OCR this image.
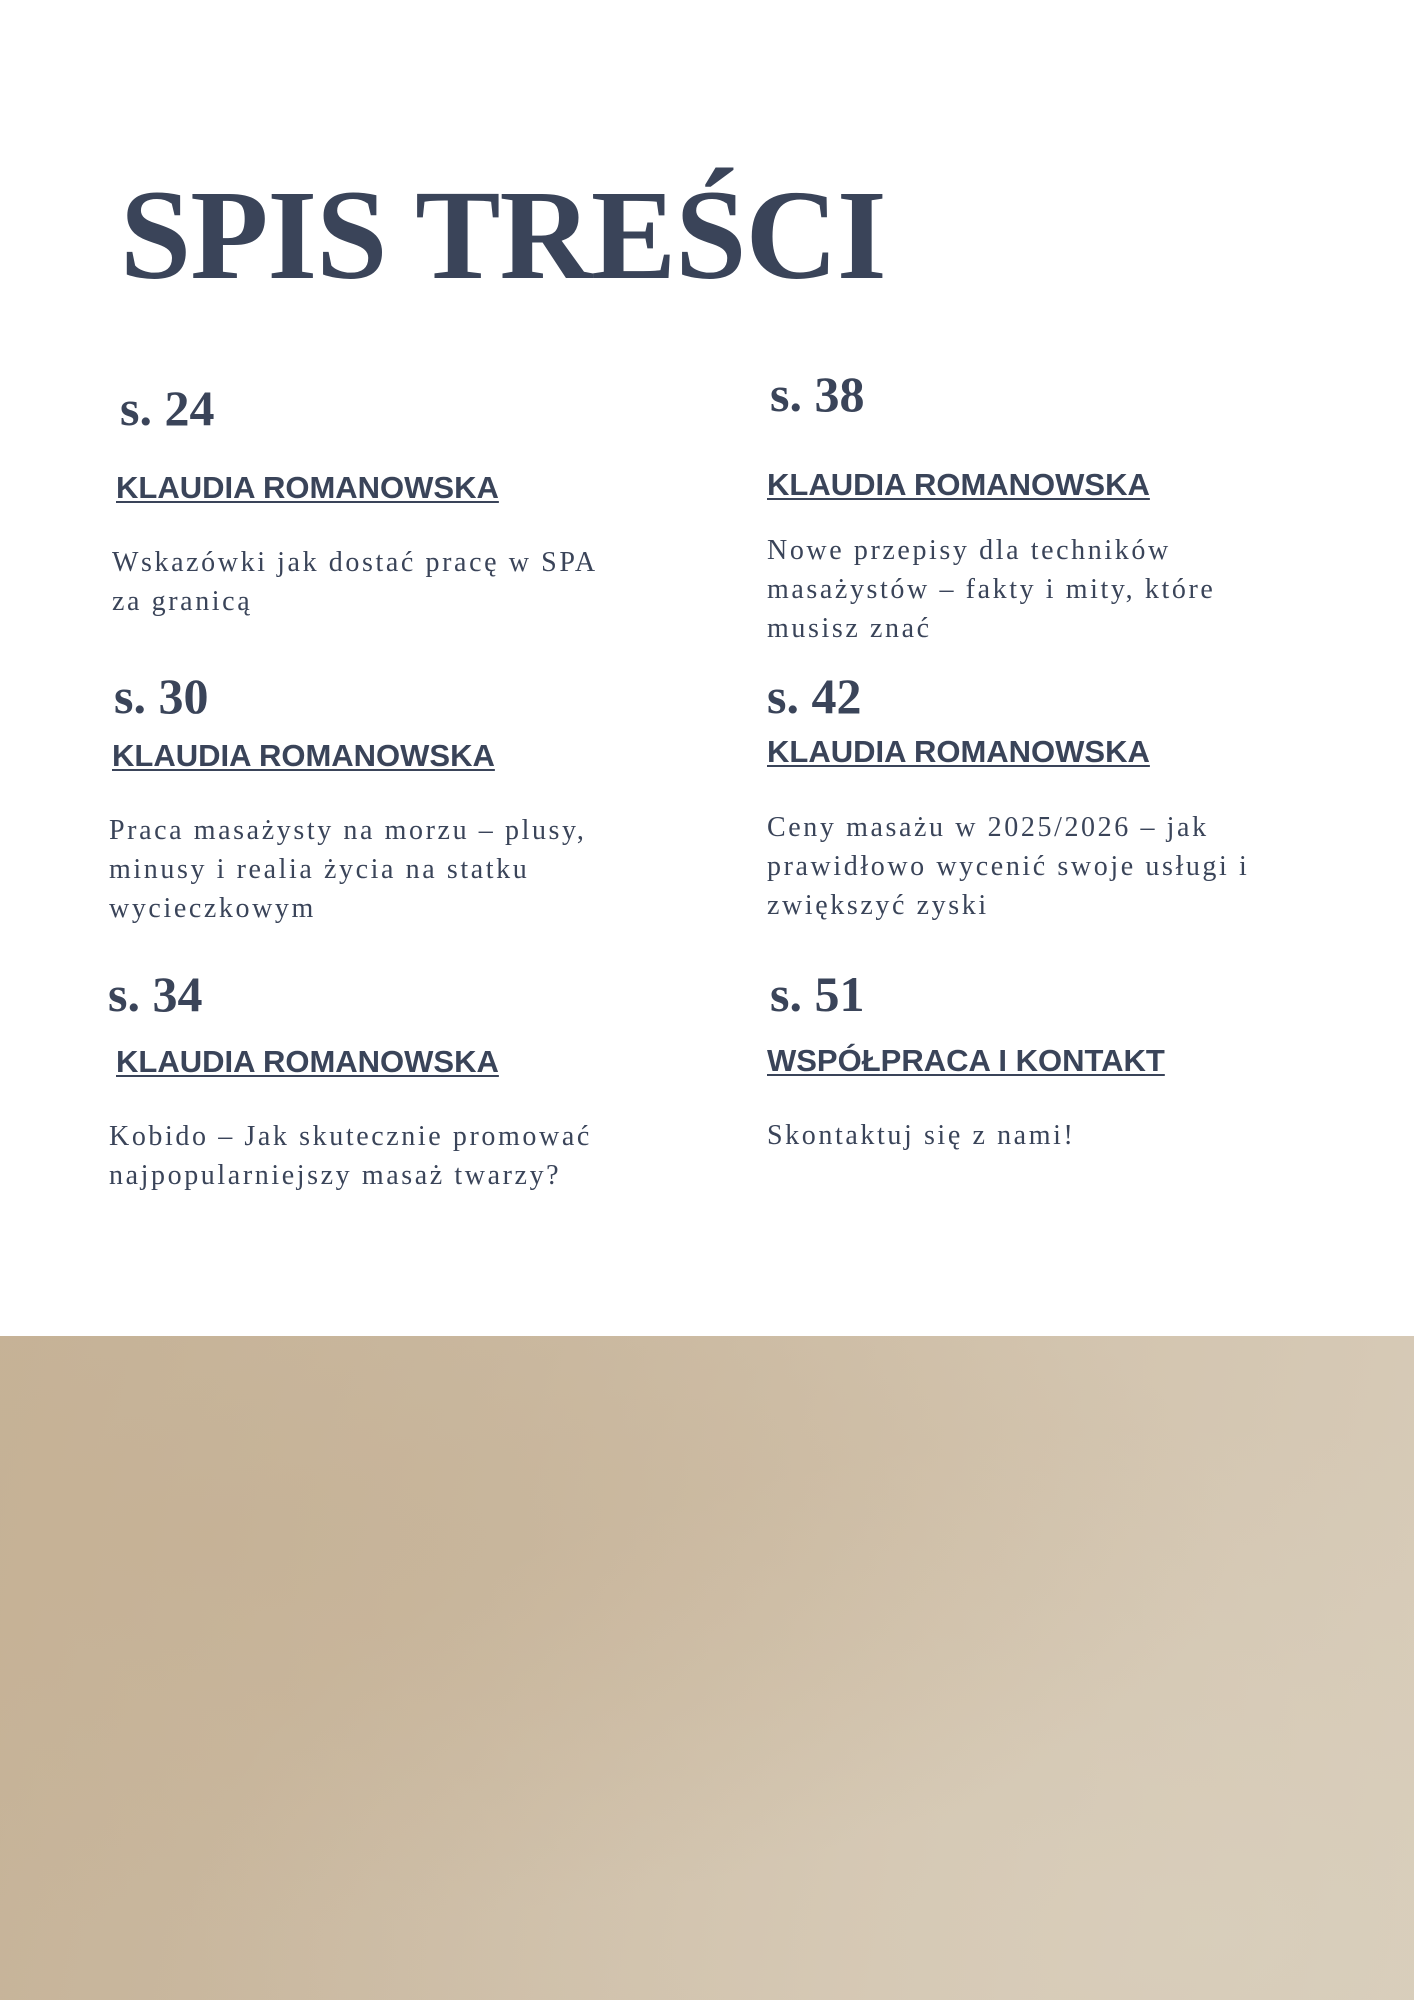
SPIS TREŚCI
s. 24
KLAUDIA ROMANOWSKA

Wskazówki jak dostać pracę w SPA za granicą

s. 30
KLAUDIA ROMANOWSKA

Praca masażysty na morzu – plusy, minusy i realia życia na statku wycieczkowym

s. 34
KLAUDIA ROMANOWSKA

Kobido – Jak skutecznie promować najpopularniejszy masaż twarzy?

s. 38
KLAUDIA ROMANOWSKA

Nowe przepisy dla techników masażystów – fakty i mity, które musisz znać

s. 42
KLAUDIA ROMANOWSKA

Ceny masażu w 2025/2026 – jak prawidłowo wycenić swoje usługi i zwiększyć zyski

s. 51
WSPÓŁPRACA I KONTAKT

Skontaktuj się z nami!
